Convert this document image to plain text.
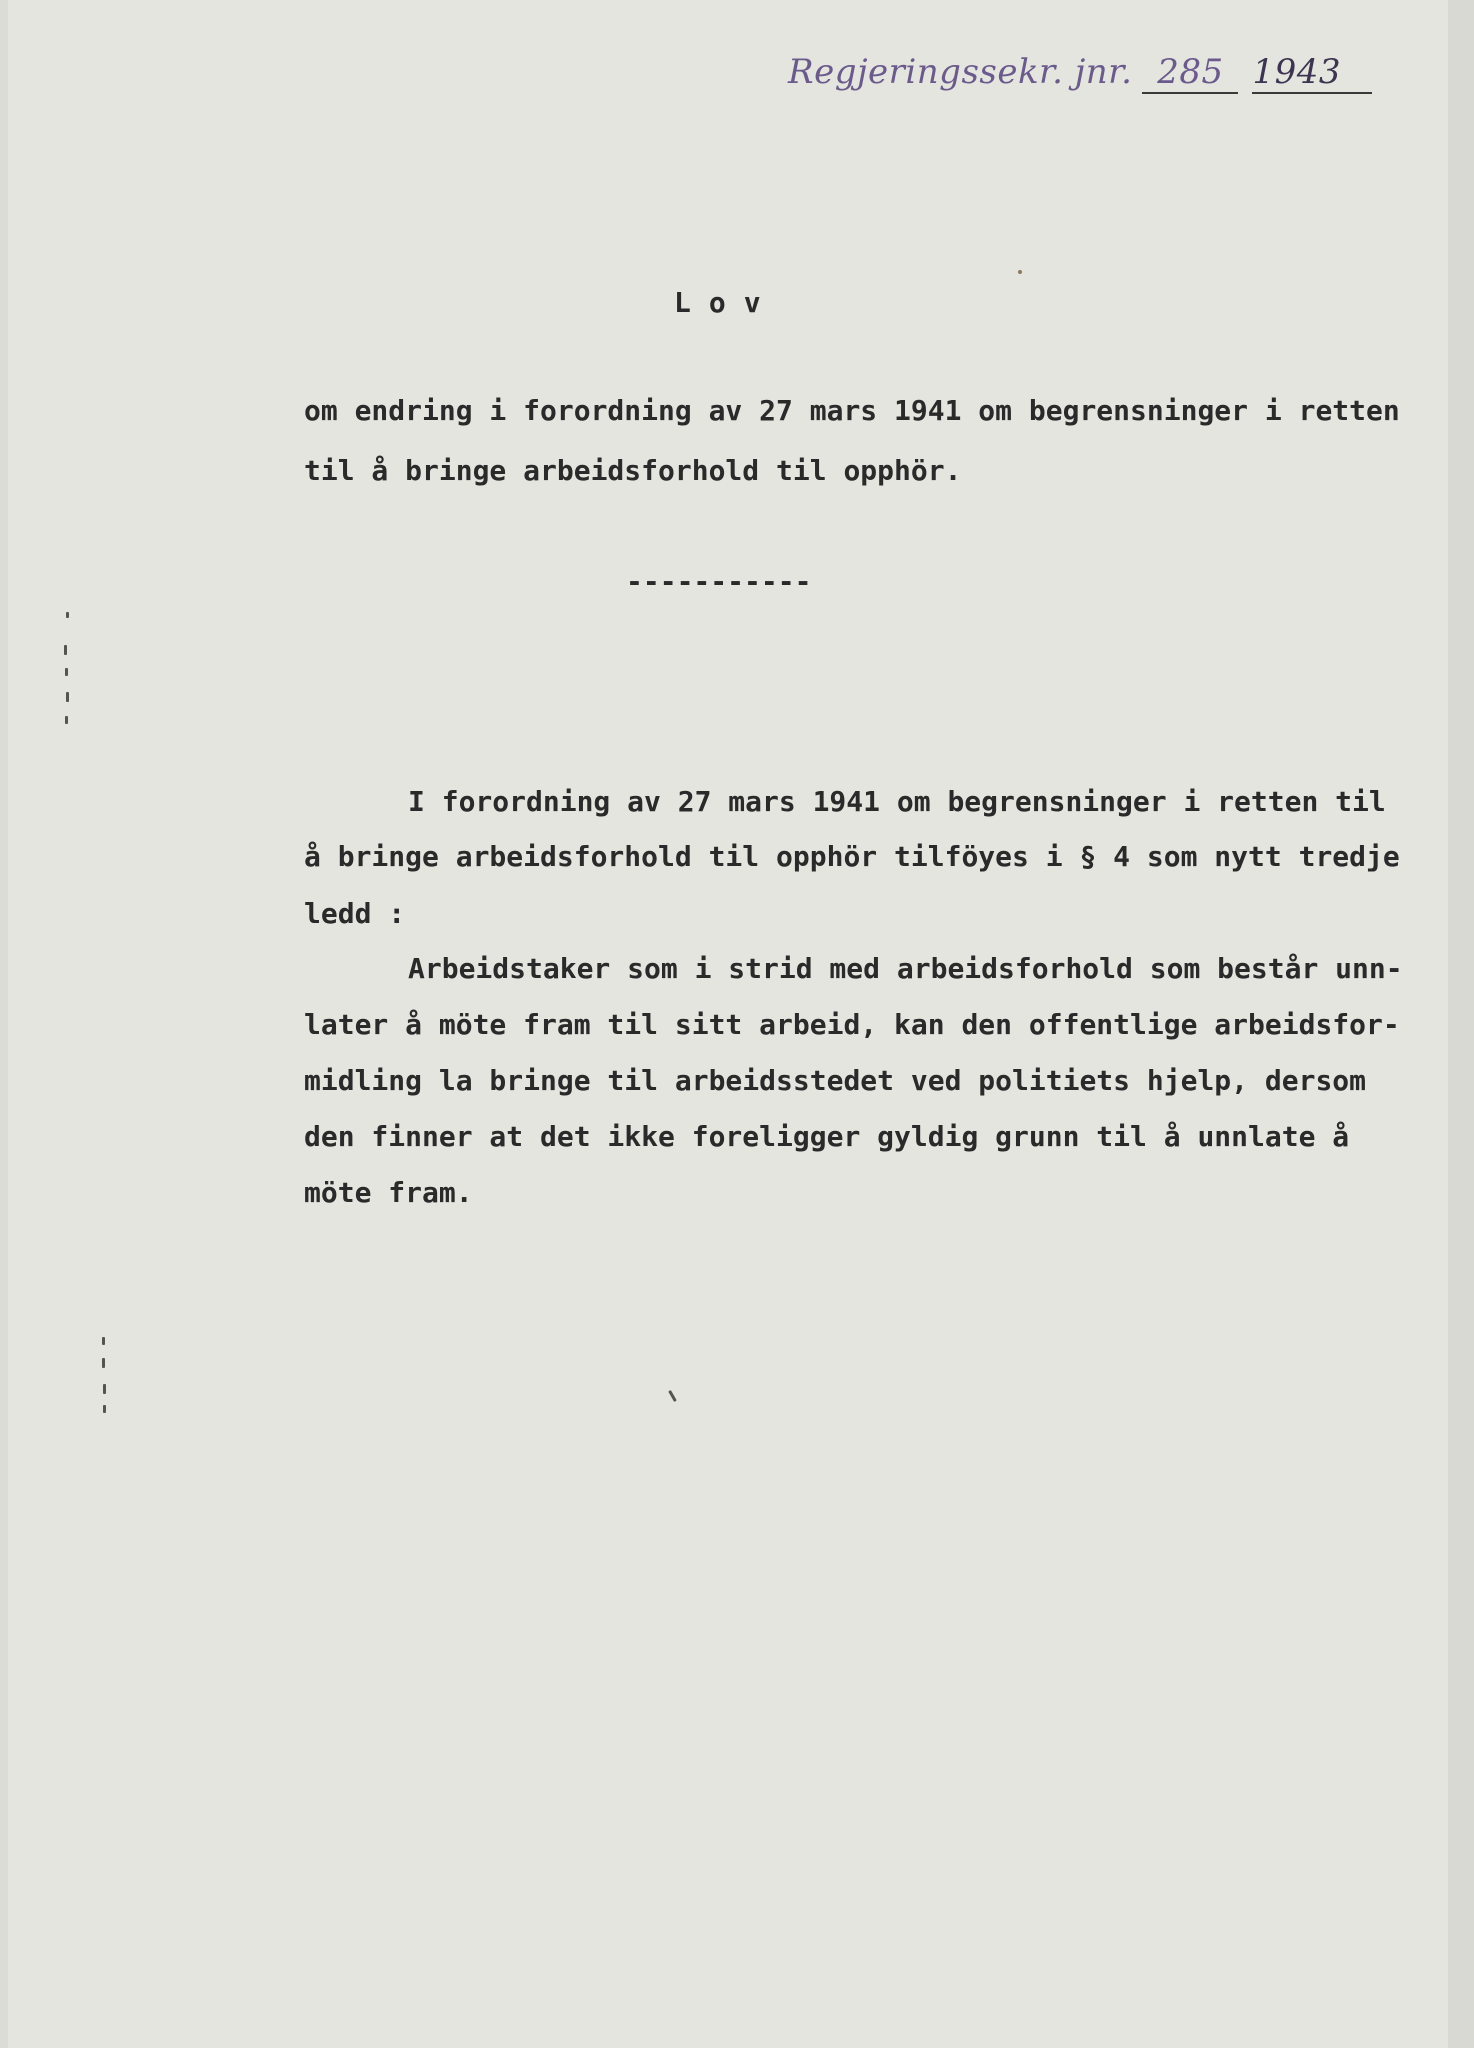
Regjeringssekr. jnr. 285 1943
Lov
om endring i forordning av 27 mars 1941 om begrensninger i retten
til å bringe arbeidsforhold til opphör.
-----------
I forordning av 27 mars 1941 om begrensninger i retten til
å bringe arbeidsforhold til opphör tilföyes i § 4 som nytt tredje
ledd :
Arbeidstaker som i strid med arbeidsforhold som består unn-
later å möte fram til sitt arbeid, kan den offentlige arbeidsfor-
midling la bringe til arbeidsstedet ved politiets hjelp, dersom
den finner at det ikke foreligger gyldig grunn til å unnlate å
möte fram.
